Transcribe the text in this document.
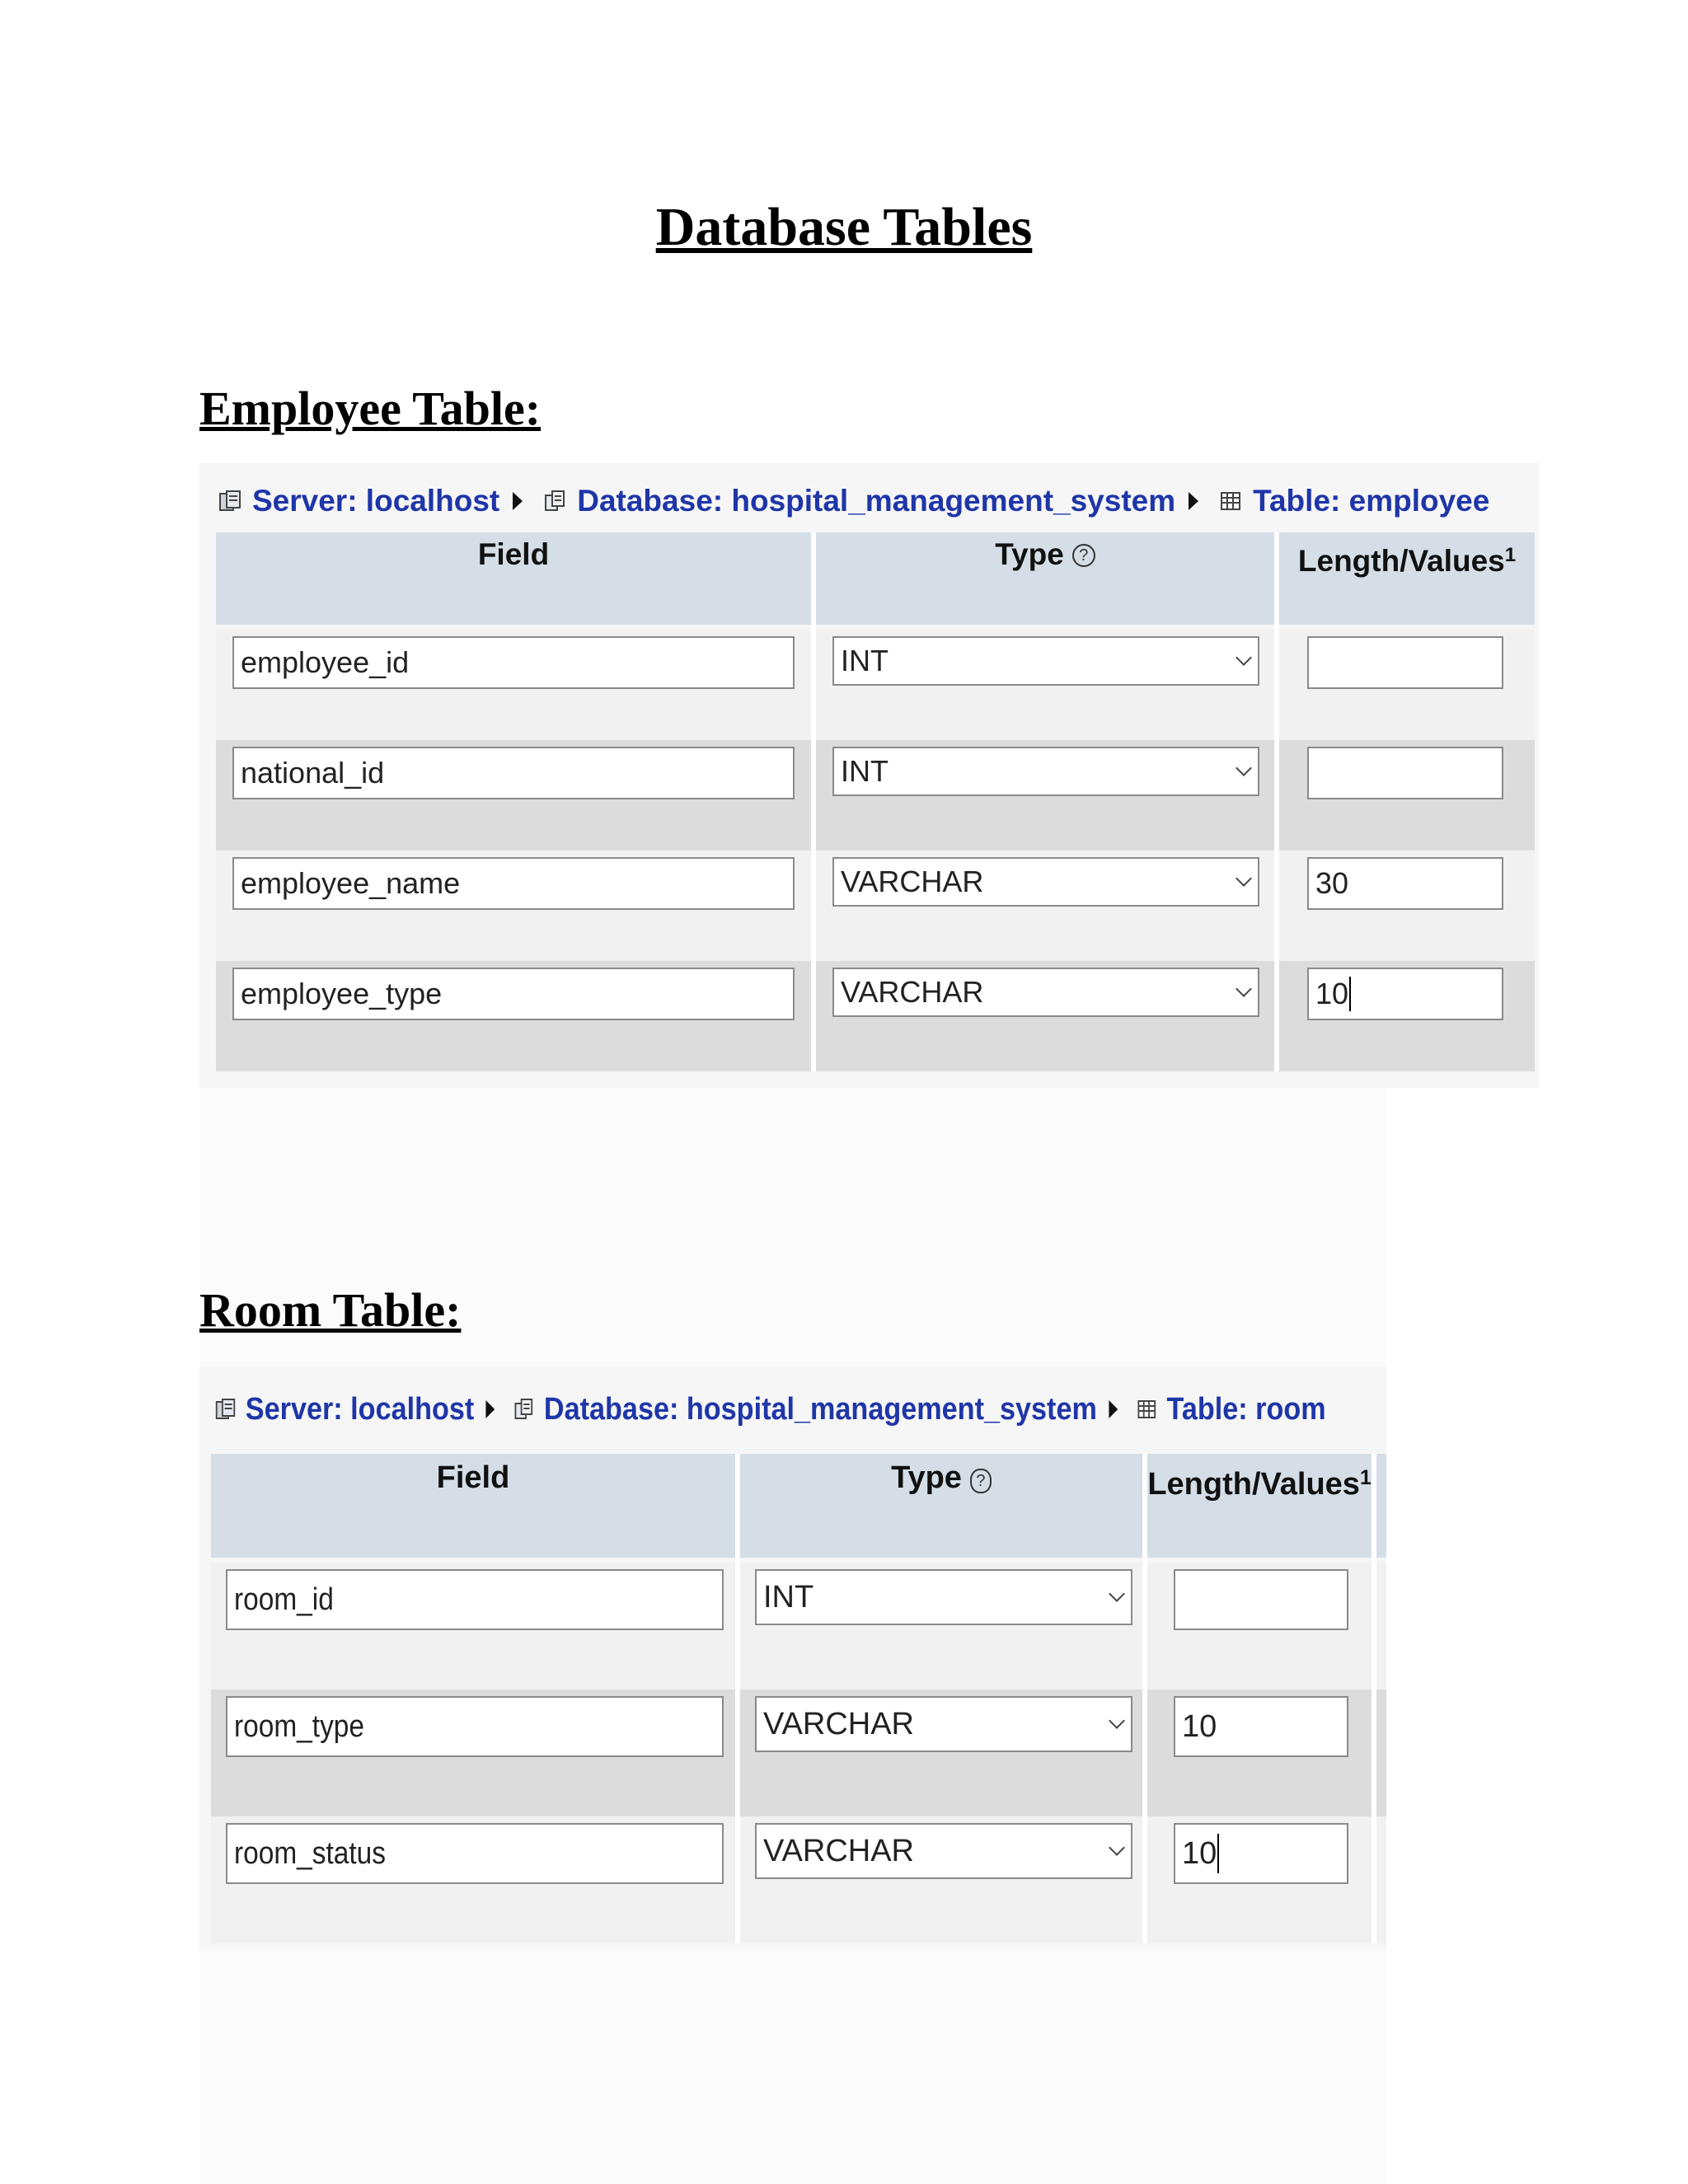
Database Tables
Employee Table:
Server: localhost	Database: hospital_management_system	Table: employee
Field	Type ?	Length/Values 1
employee_id	INT
national_id	INT
employee_name	VARCHAR	30
employee_type	VARCHAR	10
Room Table:
Server: localhost Database: hospital_management_system Table: room
Field	Type ?	Length/Values 1
room_id	INT
room_type	VARCHAR	10
room_status	VARCHAR	10
